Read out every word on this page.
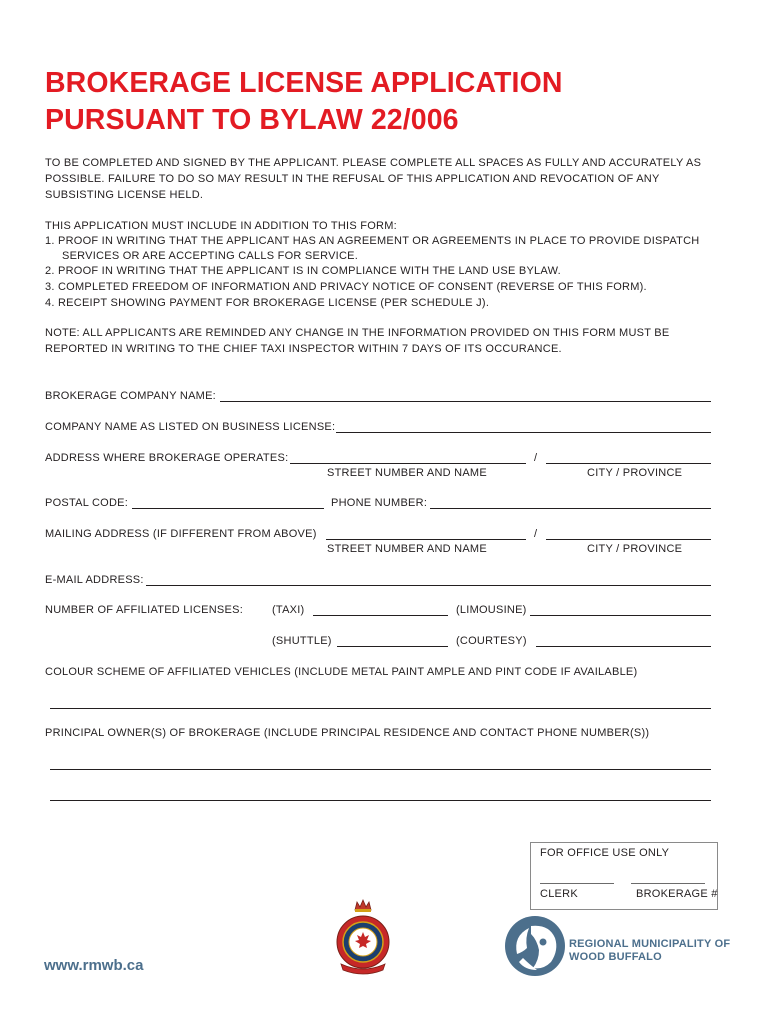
BROKERAGE LICENSE APPLICATION
PURSUANT TO BYLAW 22/006
TO BE COMPLETED AND SIGNED BY THE APPLICANT. PLEASE COMPLETE ALL SPACES AS FULLY AND ACCURATELY AS
POSSIBLE. FAILURE TO DO SO MAY RESULT IN THE REFUSAL OF THIS APPLICATION AND REVOCATION OF ANY
SUBSISTING LICENSE HELD.
THIS APPLICATION MUST INCLUDE IN ADDITION TO THIS FORM:
1. PROOF IN WRITING THAT THE APPLICANT HAS AN AGREEMENT OR AGREEMENTS IN PLACE TO PROVIDE DISPATCH
SERVICES OR ARE ACCEPTING CALLS FOR SERVICE.
2. PROOF IN WRITING THAT THE APPLICANT IS IN COMPLIANCE WITH THE LAND USE BYLAW.
3. COMPLETED FREEDOM OF INFORMATION AND PRIVACY NOTICE OF CONSENT (REVERSE OF THIS FORM).
4. RECEIPT SHOWING PAYMENT FOR BROKERAGE LICENSE (PER SCHEDULE J).
NOTE: ALL APPLICANTS ARE REMINDED ANY CHANGE IN THE INFORMATION PROVIDED ON THIS FORM MUST BE
REPORTED IN WRITING TO THE CHIEF TAXI INSPECTOR WITHIN 7 DAYS OF ITS OCCURANCE.
BROKERAGE COMPANY NAME:
COMPANY NAME AS LISTED ON BUSINESS LICENSE:
ADDRESS WHERE BROKERAGE OPERATES:	/
STREET NUMBER AND NAME	CITY / PROVINCE
POSTAL CODE:	PHONE NUMBER:
MAILING ADDRESS (IF DIFFERENT FROM ABOVE)	/
STREET NUMBER AND NAME	CITY / PROVINCE
E-MAIL ADDRESS:
NUMBER OF AFFILIATED LICENSES:	(TAXI)	(LIMOUSINE)
(SHUTTLE)	(COURTESY)
COLOUR SCHEME OF AFFILIATED VEHICLES (INCLUDE METAL PAINT AMPLE AND PINT CODE IF AVAILABLE)
PRINCIPAL OWNER(S) OF BROKERAGE (INCLUDE PRINCIPAL RESIDENCE AND CONTACT PHONE NUMBER(S))
FOR OFFICE USE ONLY
CLERK	BROKERAGE #
www.rmwb.ca
REGIONAL MUNICIPALITY OF
WOOD BUFFALO
